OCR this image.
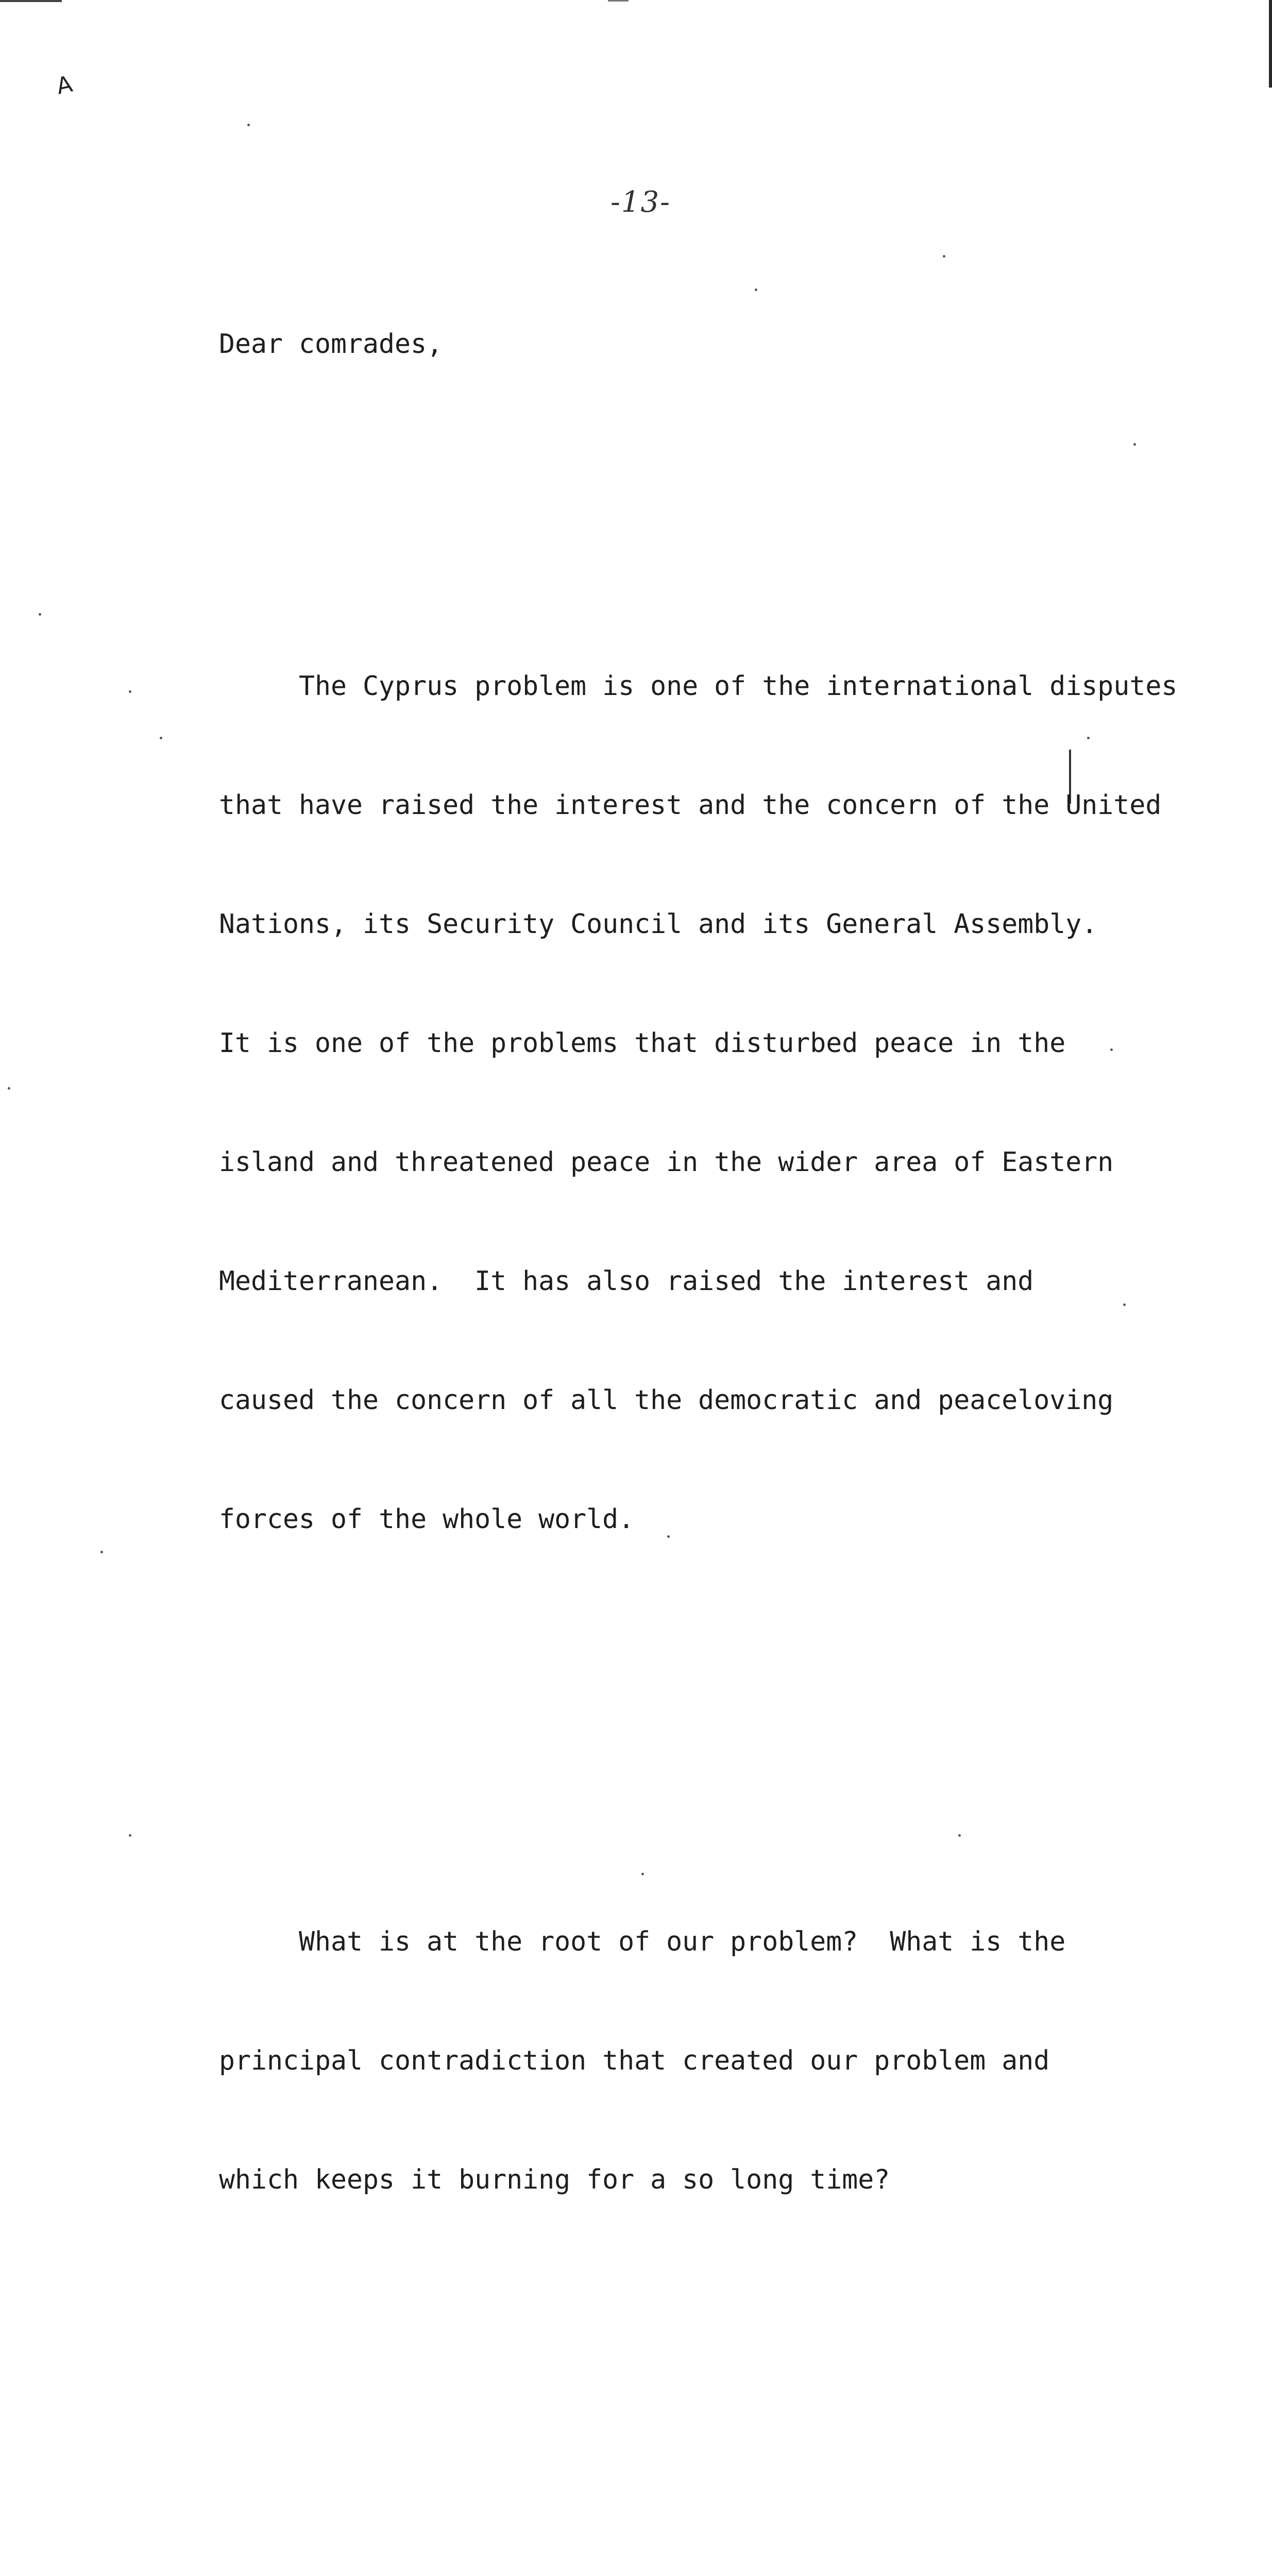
A
-13-

Dear comrades,

The Cyprus problem is one of the international disputes

that have raised the interest and the concern of the United

Nations, its Security Council and its General Assembly.

It is one of the problems that disturbed peace in the

island and threatened peace in the wider area of Eastern

Mediterranean.  It has also raised the interest and

caused the concern of all the democratic and peaceloving

forces of the whole world.

What is at the root of our problem?  What is the

principal contradiction that created our problem and

which keeps it burning for a so long time?
